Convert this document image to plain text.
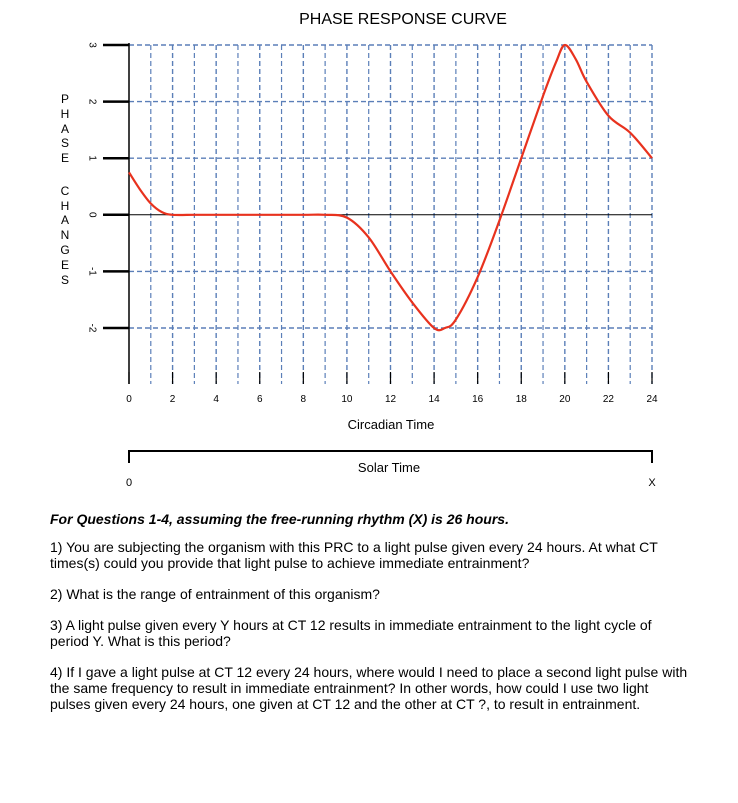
PHASE RESPONSE CURVE
0	2	4	6	8	10	12	14	16	18	20	22	24
3
2
1
0
-1
-2
Circadian Time
Solar Time
0	X
P
H
A
S
E
C
H
A
N
G
E
S

For Questions 1-4, assuming the free-running rhythm (X) is 26 hours.

1) You are subjecting the organism with this PRC to a light pulse given every 24 hours. At what CT times(s) could you provide that light pulse to achieve immediate entrainment?

2) What is the range of entrainment of this organism?

3) A light pulse given every Y hours at CT 12 results in immediate entrainment to the light cycle of period Y. What is this period?

4) If I gave a light pulse at CT 12 every 24 hours, where would I need to place a second light pulse with the same frequency to result in immediate entrainment? In other words, how could I use two light pulses given every 24 hours, one given at CT 12 and the other at CT ?, to result in entrainment.
